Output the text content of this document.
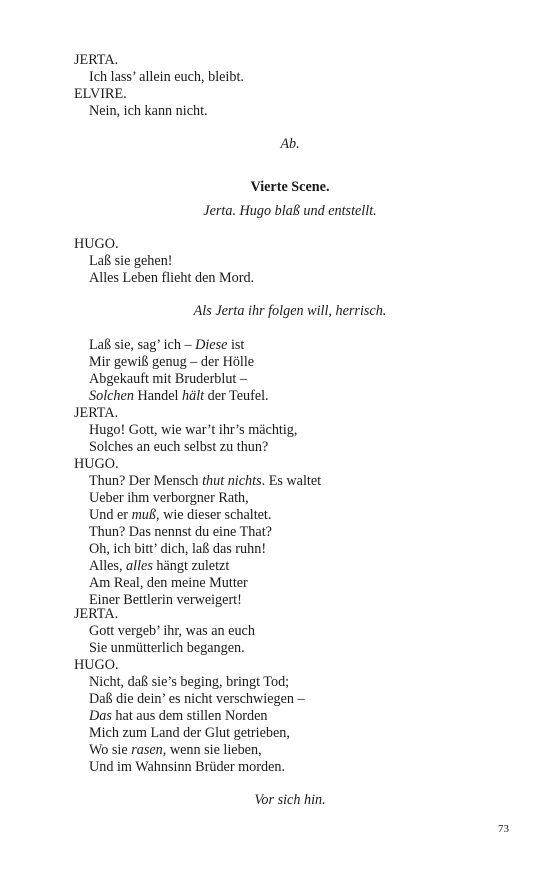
JERTA.
Ich lass’ allein euch, bleibt.
ELVIRE.
Nein, ich kann nicht.
Ab.
Vierte Scene.
Jerta. Hugo blaß und entstellt.
HUGO.
Laß sie gehen!
Alles Leben flieht den Mord.
Als Jerta ihr folgen will, herrisch.
Laß sie, sag’ ich – Diese ist
Mir gewiß genug – der Hölle
Abgekauft mit Bruderblut –
Solchen Handel hält der Teufel.
JERTA.
Hugo! Gott, wie war’t ihr’s mächtig,
Solches an euch selbst zu thun?
HUGO.
Thun? Der Mensch thut nichts. Es waltet
Ueber ihm verborgner Rath,
Und er muß, wie dieser schaltet.
Thun? Das nennst du eine That?
Oh, ich bitt’ dich, laß das ruhn!
Alles, alles hängt zuletzt
Am Real, den meine Mutter
Einer Bettlerin verweigert!
JERTA.
Gott vergeb’ ihr, was an euch
Sie unmütterlich begangen.
HUGO.
Nicht, daß sie’s beging, bringt Tod;
Daß die dein’ es nicht verschwiegen –
Das hat aus dem stillen Norden
Mich zum Land der Glut getrieben,
Wo sie rasen, wenn sie lieben,
Und im Wahnsinn Brüder morden.
Vor sich hin.
73
